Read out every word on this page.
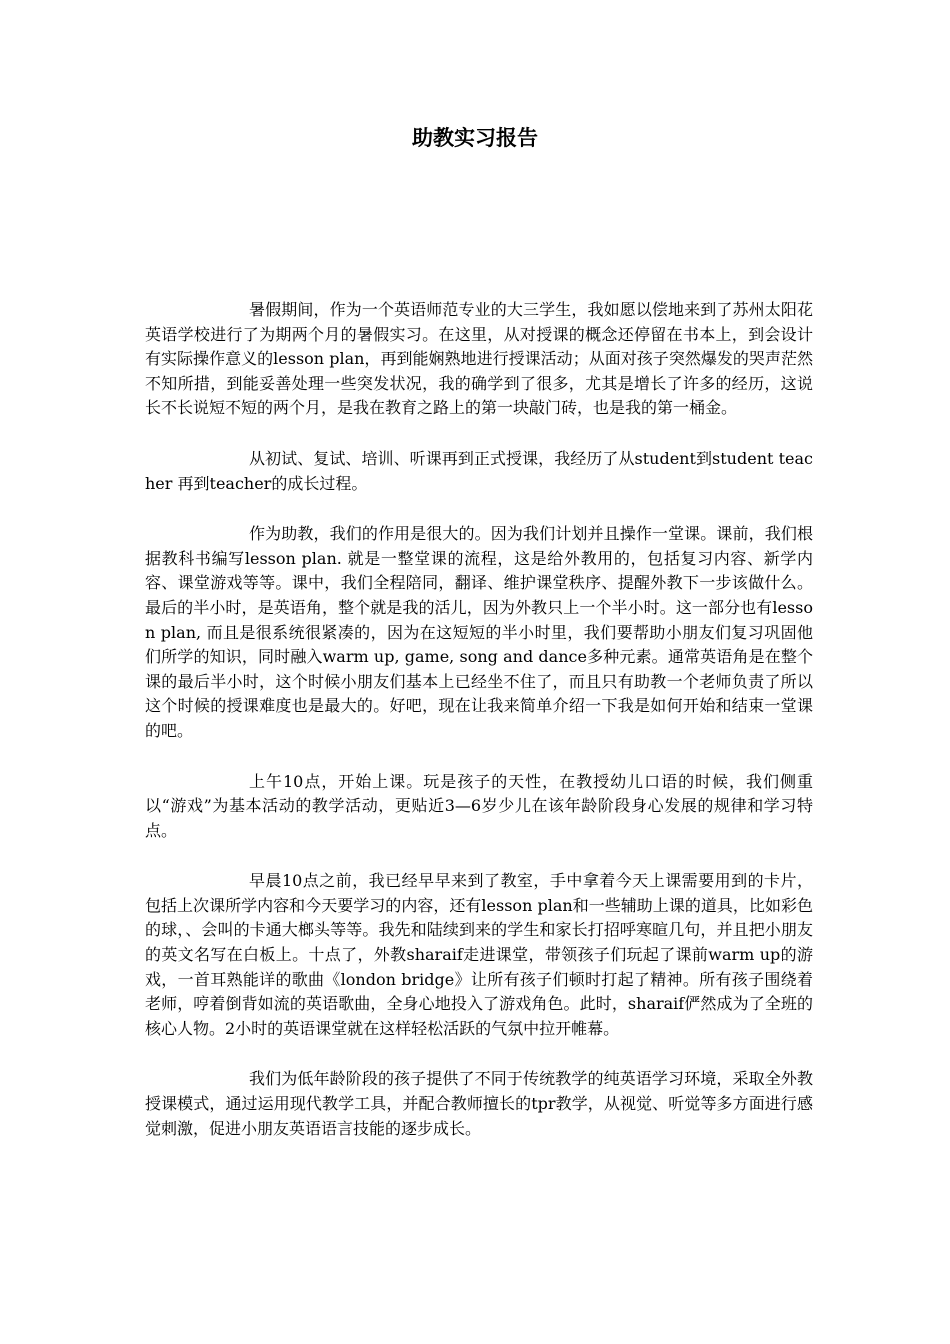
助教实习报告

暑假期间，作为一个英语师范专业的大三学生，我如愿以偿地来到了苏州太阳花英语学校进行了为期两个月的暑假实习。在这里，从对授课的概念还停留在书本上，到会设计有实际操作意义的lesson plan，再到能娴熟地进行授课活动；从面对孩子突然爆发的哭声茫然不知所措，到能妥善处理一些突发状况，我的确学到了很多，尤其是增长了许多的经历，这说长不长说短不短的两个月，是我在教育之路上的第一块敲门砖，也是我的第一桶金。

从初试、复试、培训、听课再到正式授课，我经历了从student到student teacher 再到teacher的成长过程。

作为助教，我们的作用是很大的。因为我们计划并且操作一堂课。课前，我们根据教科书编写lesson plan. 就是一整堂课的流程，这是给外教用的，包括复习内容、新学内容、课堂游戏等等。课中，我们全程陪同，翻译、维护课堂秩序、提醒外教下一步该做什么。最后的半小时，是英语角，整个就是我的活儿，因为外教只上一个半小时。这一部分也有lesson plan, 而且是很系统很紧凑的，因为在这短短的半小时里，我们要帮助小朋友们复习巩固他们所学的知识，同时融入warm up, game, song and dance多种元素。通常英语角是在整个课的最后半小时，这个时候小朋友们基本上已经坐不住了，而且只有助教一个老师负责了所以这个时候的授课难度也是最大的。好吧，现在让我来简单介绍一下我是如何开始和结束一堂课的吧。

上午10点，开始上课。玩是孩子的天性，在教授幼儿口语的时候，我们侧重以“游戏”为基本活动的教学活动，更贴近3—6岁少儿在该年龄阶段身心发展的规律和学习特点。

早晨10点之前，我已经早早来到了教室，手中拿着今天上课需要用到的卡片，包括上次课所学内容和今天要学习的内容，还有lesson plan和一些辅助上课的道具，比如彩色的球，、会叫的卡通大榔头等等。我先和陆续到来的学生和家长打招呼寒暄几句，并且把小朋友的英文名写在白板上。十点了，外教sharaif走进课堂，带领孩子们玩起了课前warm up的游戏，一首耳熟能详的歌曲《london bridge》让所有孩子们顿时打起了精神。所有孩子围绕着老师，哼着倒背如流的英语歌曲，全身心地投入了游戏角色。此时，sharaif俨然成为了全班的核心人物。2小时的英语课堂就在这样轻松活跃的气氛中拉开帷幕。

我们为低年龄阶段的孩子提供了不同于传统教学的纯英语学习环境，采取全外教授课模式，通过运用现代教学工具，并配合教师擅长的tpr教学，从视觉、听觉等多方面进行感觉刺激，促进小朋友英语语言技能的逐步成长。
